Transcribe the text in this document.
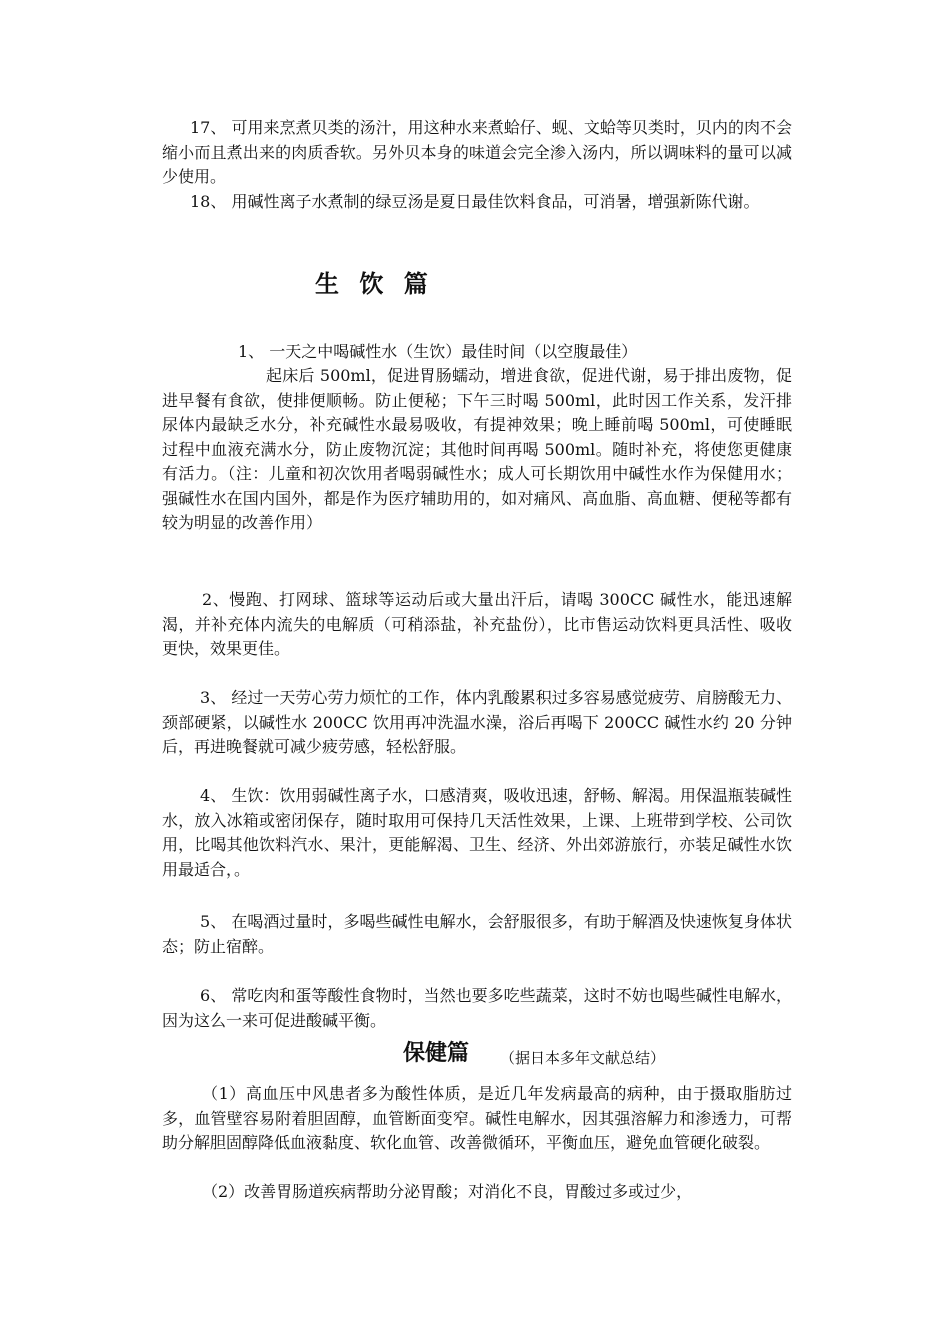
17、 可用来烹煮贝类的汤汁，用这种水来煮蛤仔、蚬、文蛤等贝类时，贝内的肉不会缩小而且煮出来的肉质香软。另外贝本身的味道会完全渗入汤内，所以调味料的量可以减少使用。

18、 用碱性离子水煮制的绿豆汤是夏日最佳饮料食品，可消暑，增强新陈代谢。

生 饮 篇

1、 一天之中喝碱性水（生饮）最佳时间（以空腹最佳）

起床后 500ml，促进胃肠蠕动，增进食欲，促进代谢，易于排出废物，促进早餐有食欲，使排便顺畅。防止便秘；下午三时喝 500ml，此时因工作关系，发汗排尿体内最缺乏水分，补充碱性水最易吸收，有提神效果；晚上睡前喝 500ml，可使睡眠过程中血液充满水分，防止废物沉淀；其他时间再喝 500ml。随时补充，将使您更健康有活力。（注：儿童和初次饮用者喝弱碱性水；成人可长期饮用中碱性水作为保健用水；强碱性水在国内国外，都是作为医疗辅助用的，如对痛风、高血脂、高血糖、便秘等都有较为明显的改善作用）

2、慢跑、打网球、篮球等运动后或大量出汗后，请喝 300CC 碱性水，能迅速解渴，并补充体内流失的电解质（可稍添盐，补充盐份），比市售运动饮料更具活性、吸收更快，效果更佳。

3、 经过一天劳心劳力烦忙的工作，体内乳酸累积过多容易感觉疲劳、肩膀酸无力、颈部硬紧，以碱性水 200CC 饮用再冲洗温水澡，浴后再喝下 200CC 碱性水约 20 分钟后，再进晚餐就可减少疲劳感，轻松舒服。

4、 生饮：饮用弱碱性离子水，口感清爽，吸收迅速，舒畅、解渴。用保温瓶装碱性水，放入冰箱或密闭保存，随时取用可保持几天活性效果，上课、上班带到学校、公司饮用，比喝其他饮料汽水、果汁，更能解渴、卫生、经济、外出郊游旅行，亦装足碱性水饮用最适合，。

5、 在喝酒过量时，多喝些碱性电解水，会舒服很多，有助于解酒及快速恢复身体状态；防止宿醉。

6、 常吃肉和蛋等酸性食物时，当然也要多吃些蔬菜，这时不妨也喝些碱性电解水，因为这么一来可促进酸碱平衡。

保健篇 （据日本多年文献总结）

（1）高血压中风患者多为酸性体质，是近几年发病最高的病种，由于摄取脂肪过多，血管壁容易附着胆固醇，血管断面变窄。碱性电解水，因其强溶解力和渗透力，可帮助分解胆固醇降低血液黏度、软化血管、改善微循环，平衡血压，避免血管硬化破裂。

（2）改善胃肠道疾病帮助分泌胃酸；对消化不良，胃酸过多或过少，
